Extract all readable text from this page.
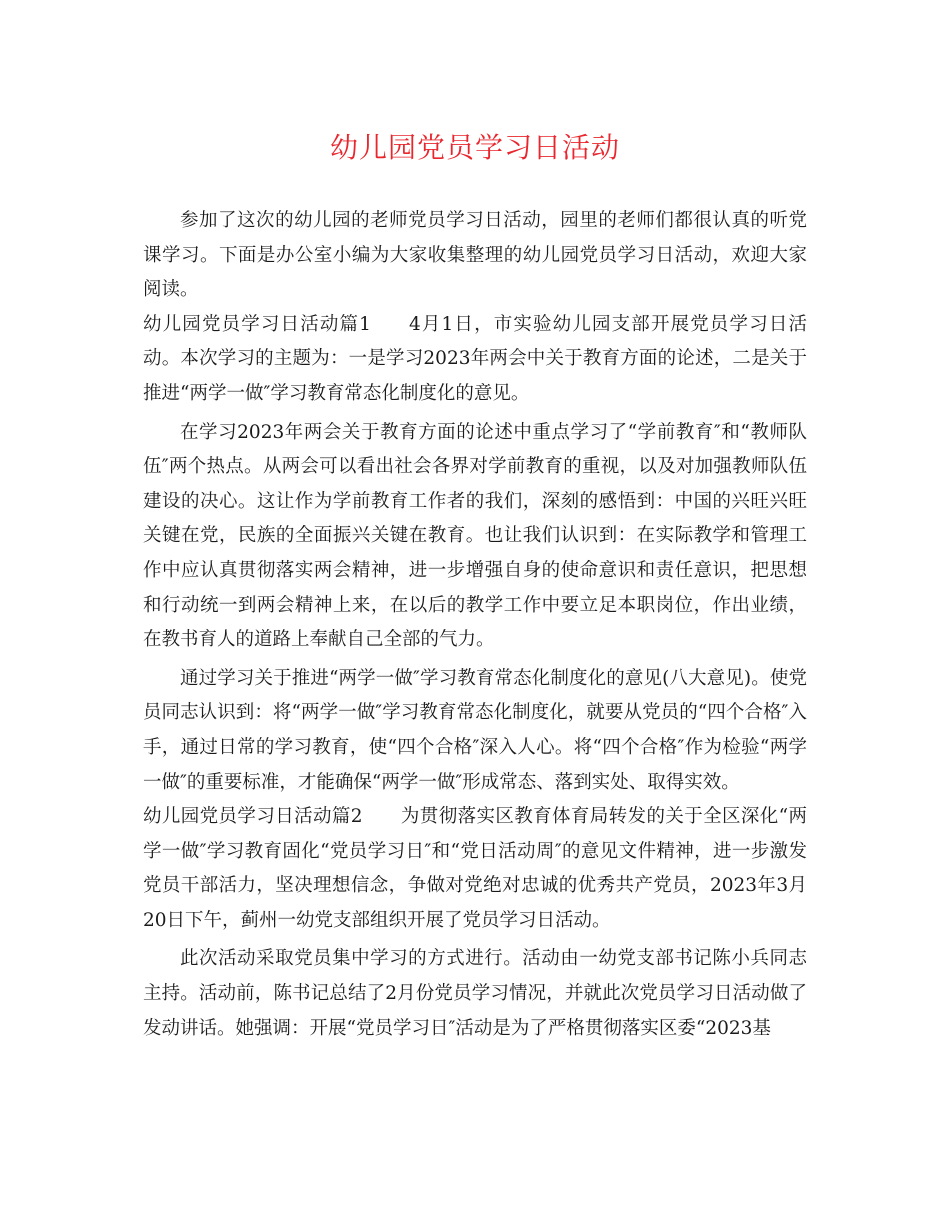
幼儿园党员学习日活动

参加了这次的幼儿园的老师党员学习日活动，园里的老师们都很认真的听党课学习。下面是办公室小编为大家收集整理的幼儿园党员学习日活动，欢迎大家阅读。

幼儿园党员学习日活动篇1 4月1日，市实验幼儿园支部开展党员学习日活动。本次学习的主题为：一是学习2023年两会中关于教育方面的论述，二是关于推进“两学一做″学习教育常态化制度化的意见。

在学习2023年两会关于教育方面的论述中重点学习了“学前教育″和“教师队伍″两个热点。从两会可以看出社会各界对学前教育的重视，以及对加强教师队伍建设的决心。这让作为学前教育工作者的我们，深刻的感悟到：中国的兴旺兴旺关键在党，民族的全面振兴关键在教育。也让我们认识到：在实际教学和管理工作中应认真贯彻落实两会精神，进一步增强自身的使命意识和责任意识，把思想和行动统一到两会精神上来，在以后的教学工作中要立足本职岗位，作出业绩，在教书育人的道路上奉献自己全部的气力。

通过学习关于推进“两学一做″学习教育常态化制度化的意见(八大意见)。使党员同志认识到：将“两学一做″学习教育常态化制度化，就要从党员的“四个合格″入手，通过日常的学习教育，使“四个合格″深入人心。将“四个合格″作为检验“两学一做″的重要标准，才能确保“两学一做″形成常态、落到实处、取得实效。

幼儿园党员学习日活动篇2 为贯彻落实区教育体育局转发的关于全区深化“两学一做″学习教育固化“党员学习日″和“党日活动周″的意见文件精神，进一步激发党员干部活力，坚决理想信念，争做对党绝对忠诚的优秀共产党员，2023年3月20日下午，蓟州一幼党支部组织开展了党员学习日活动。

此次活动采取党员集中学习的方式进行。活动由一幼党支部书记陈小兵同志主持。活动前，陈书记总结了2月份党员学习情况，并就此次党员学习日活动做了发动讲话。她强调：开展“党员学习日″活动是为了严格贯彻落实区委“2023基
